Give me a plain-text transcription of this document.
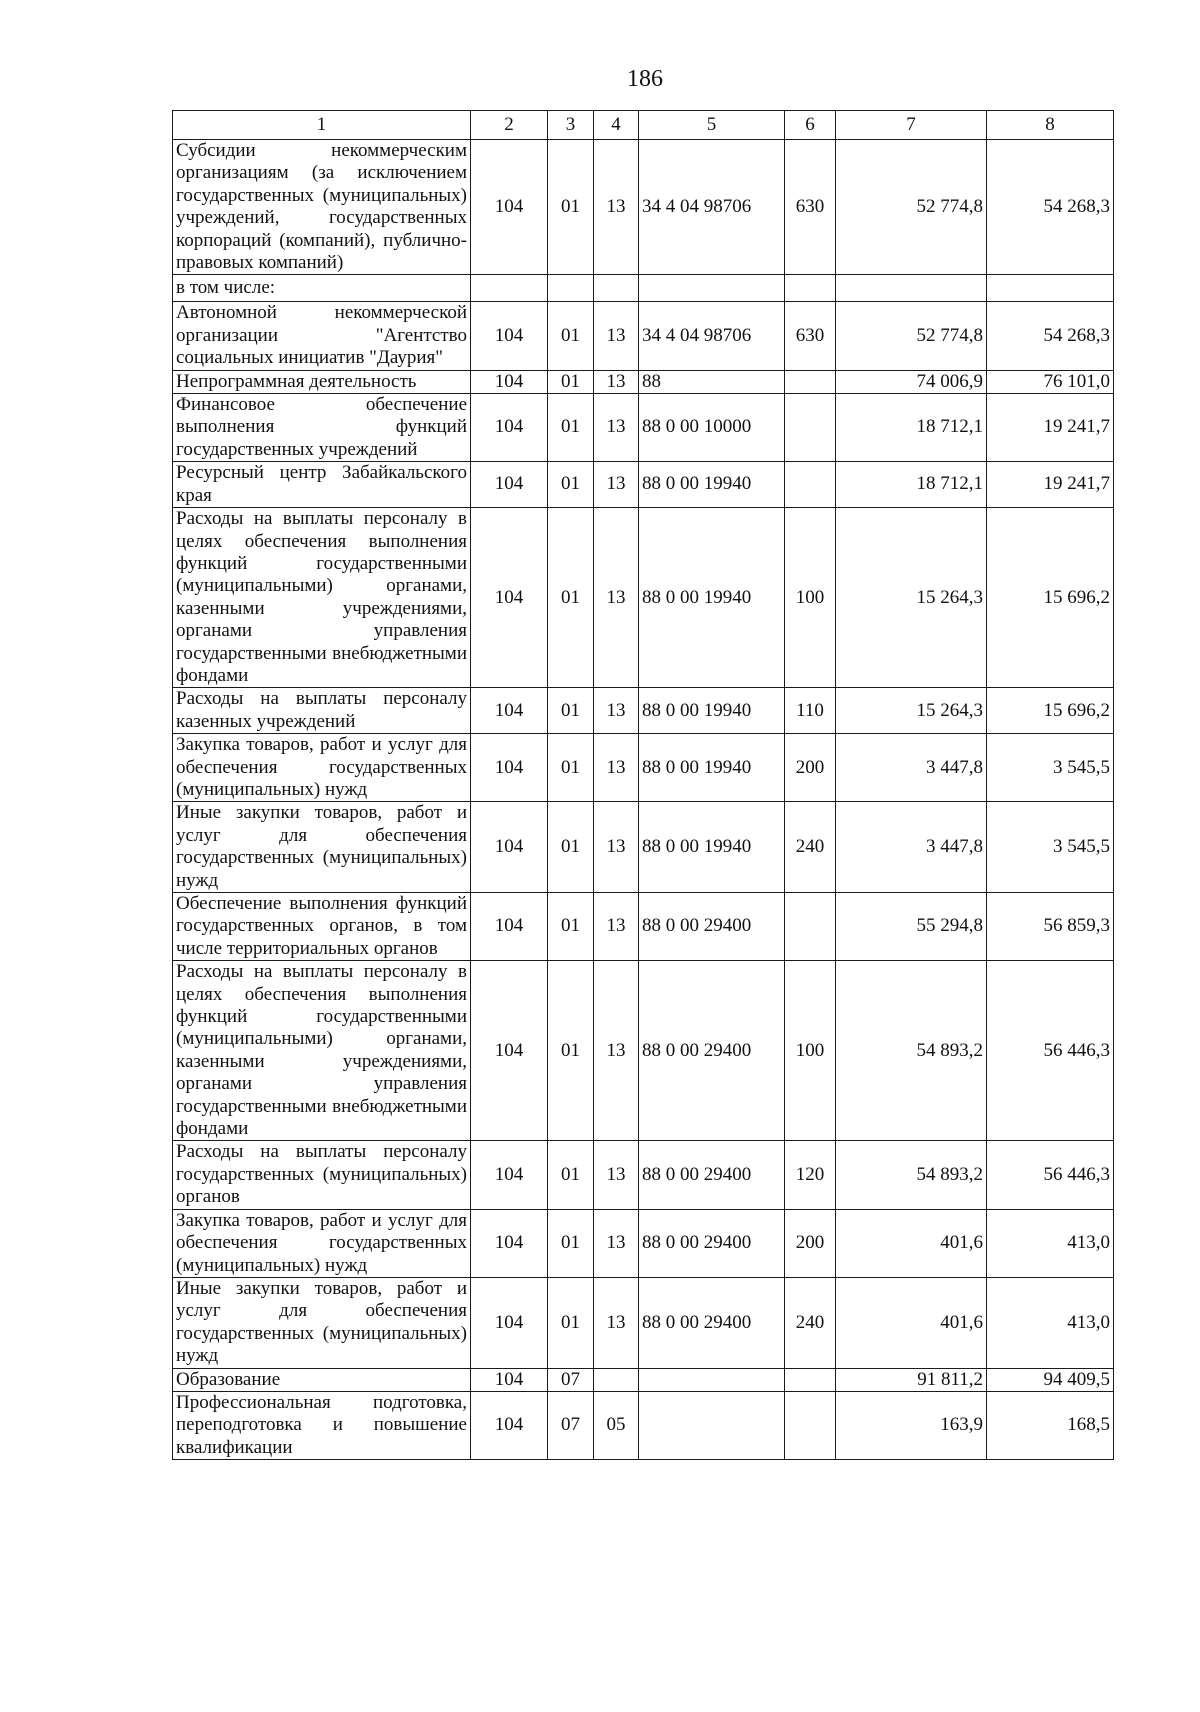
186
1	2	3	4	5	6	7	8
Субсидии некоммерческим организациям (за исключением государственных (муниципальных) учреждений, государственных корпораций (компаний), публично-правовых компаний)	104	01	13	34 4 04 98706	630	52 774,8	54 268,3
в том числе:							
Автономной некоммерческой организации "Агентство социальных инициатив "Даурия"	104	01	13	34 4 04 98706	630	52 774,8	54 268,3
Непрограммная деятельность	104	01	13	88		74 006,9	76 101,0
Финансовое обеспечение выполнения функций государственных учреждений	104	01	13	88 0 00 10000		18 712,1	19 241,7
Ресурсный центр Забайкальского края	104	01	13	88 0 00 19940		18 712,1	19 241,7
Расходы на выплаты персоналу в целях обеспечения выполнения функций государственными (муниципальными) органами, казенными учреждениями, органами управления государственными внебюджетными фондами	104	01	13	88 0 00 19940	100	15 264,3	15 696,2
Расходы на выплаты персоналу казенных учреждений	104	01	13	88 0 00 19940	110	15 264,3	15 696,2
Закупка товаров, работ и услуг для обеспечения государственных (муниципальных) нужд	104	01	13	88 0 00 19940	200	3 447,8	3 545,5
Иные закупки товаров, работ и услуг для обеспечения государственных (муниципальных) нужд	104	01	13	88 0 00 19940	240	3 447,8	3 545,5
Обеспечение выполнения функций государственных органов, в том числе территориальных органов	104	01	13	88 0 00 29400		55 294,8	56 859,3
Расходы на выплаты персоналу в целях обеспечения выполнения функций государственными (муниципальными) органами, казенными учреждениями, органами управления государственными внебюджетными фондами	104	01	13	88 0 00 29400	100	54 893,2	56 446,3
Расходы на выплаты персоналу государственных (муниципальных) органов	104	01	13	88 0 00 29400	120	54 893,2	56 446,3
Закупка товаров, работ и услуг для обеспечения государственных (муниципальных) нужд	104	01	13	88 0 00 29400	200	401,6	413,0
Иные закупки товаров, работ и услуг для обеспечения государственных (муниципальных) нужд	104	01	13	88 0 00 29400	240	401,6	413,0
Образование	104	07				91 811,2	94 409,5
Профессиональная подготовка, переподготовка и повышение квалификации	104	07	05			163,9	168,5
